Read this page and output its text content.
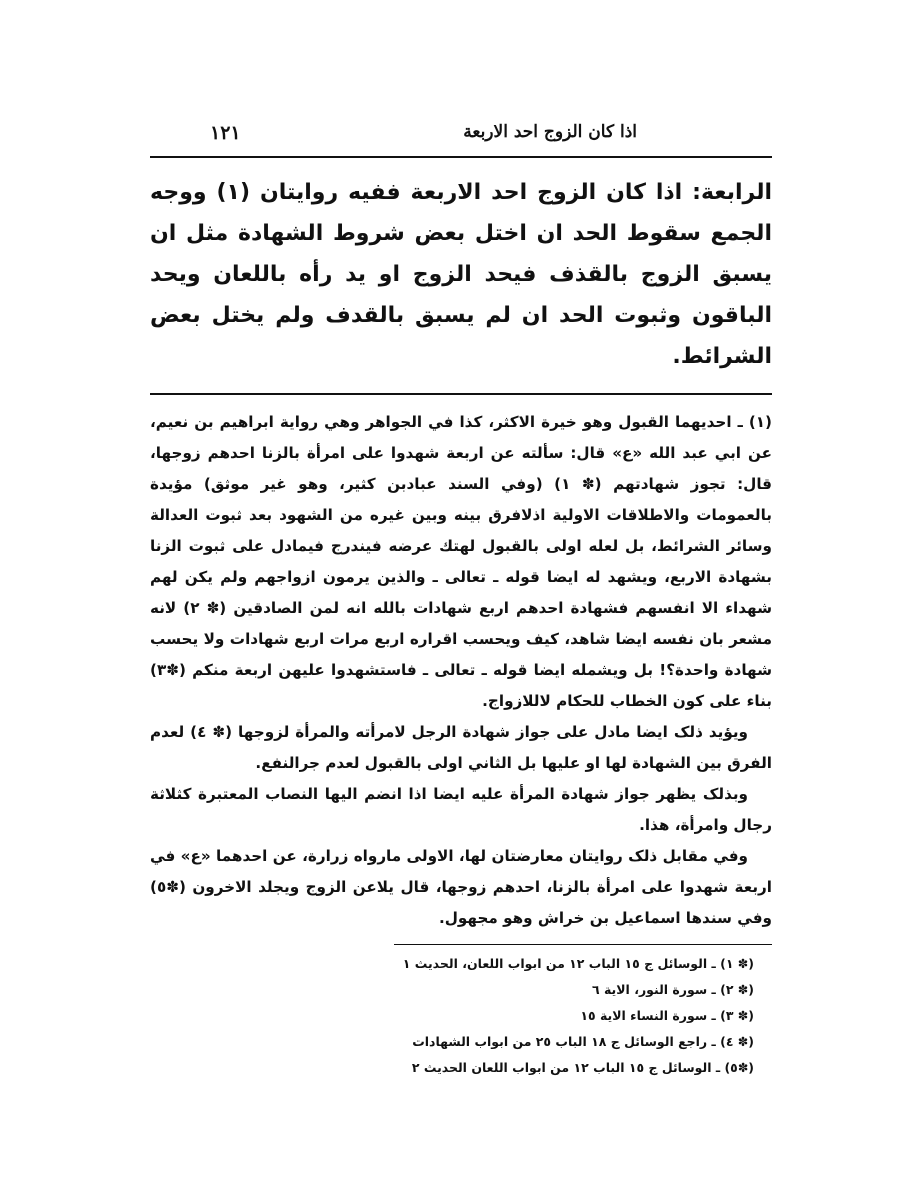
اذا كان الزوج احد الاربعة
١٢١

الرابعة: اذا كان الزوج احد الاربعة ففيه روايتان (١) ووجه الجمع سقوط الحد ان اختل بعض شروط الشهادة مثل ان يسبق الزوج بالقذف فيحد الزوج او يد رأه باللعان ويحد الباقون وثبوت الحد ان لم يسبق بالقدف ولم يختل بعض الشرائط.

(١) ـ احديهما القبول وهو خيرة الاكثر، كذا في الجواهر وهي رواية ابراهيم بن نعيم، عن ابي عبد الله «ع» قال: سألته عن اربعة شهدوا على امرأة بالزنا احدهم زوجها، قال: تجوز شهادتهم (✽ ١) (وفي السند عبادبن كثير، وهو غير موثق) مؤيدة بالعمومات والاطلاقات الاولية اذلافرق بينه وبين غيره من الشهود بعد ثبوت العدالة وسائر الشرائط، بل لعله اولى بالقبول لهتك عرضه فيندرج فيمادل على ثبوت الزنا بشهادة الاربع، ويشهد له ايضا قوله ـ تعالى ـ والذين يرمون ازواجهم ولم يكن لهم شهداء الا انفسهم فشهادة احدهم اربع شهادات بالله انه لمن الصادقين (✽ ٢) لانه مشعر بان نفسه ايضا شاهد، كيف ويحسب اقراره اربع مرات اربع شهادات ولا يحسب شهادة واحدة؟! بل ويشمله ايضا قوله ـ تعالى ـ فاستشهدوا عليهن اربعة منكم (✽٣) بناء على كون الخطاب للحكام لاللازواج.

ويؤيد ذلک ايضا مادل على جواز شهادة الرجل لامرأته والمرأة لزوجها (✽ ٤) لعدم الفرق بين الشهادة لها او عليها بل الثاني اولى بالقبول لعدم جرالنفع.

وبذلک يظهر جواز شهادة المرأة عليه ايضا اذا انضم اليها النصاب المعتبرة كثلاثة رجال وامرأة، هذا.

وفي مقابل ذلک روايتان معارضتان لها، الاولى مارواه زرارة، عن احدهما «ع» في اربعة شهدوا على امرأة بالزنا، احدهم زوجها، قال يلاعن الزوج ويجلد الاخرون (✽٥) وفي سندها اسماعيل بن خراش وهو مجهول.

(✽ ١) ـ الوسائل ج ١٥ الباب ١٢ من ابواب اللعان، الحديث ١
(✽ ٢) ـ سورة النور، الاية ٦
(✽ ٣) ـ سورة النساء الاية ١٥
(✽ ٤) ـ راجع الوسائل ج ١٨ الباب ٢٥ من ابواب الشهادات
(✽٥) ـ الوسائل ج ١٥ الباب ١٢ من ابواب اللعان الحديث ٢
